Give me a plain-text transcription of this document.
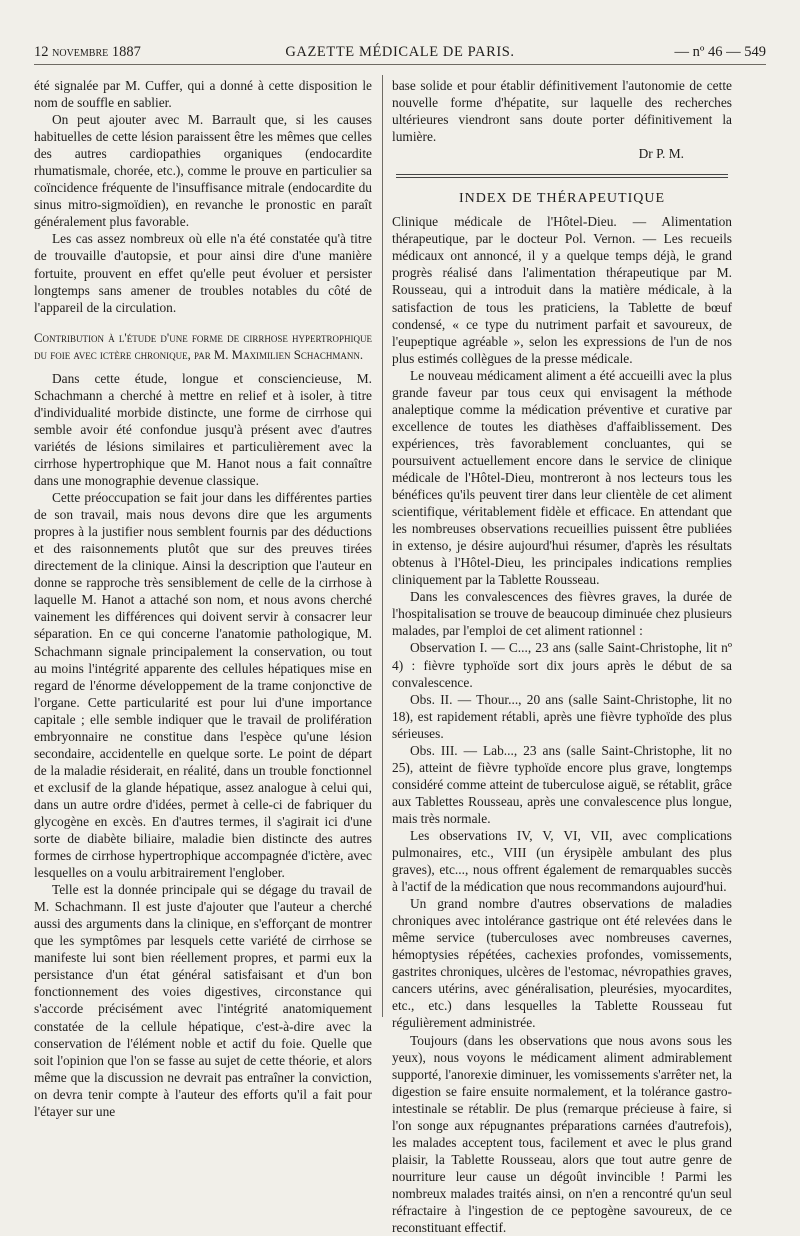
12 novembre 1887	GAZETTE MÉDICALE DE PARIS.	— nº 46 — 549

été signalée par M. Cuffer, qui a donné à cette disposition le nom de souffle en sablier.

On peut ajouter avec M. Barrault que, si les causes habituelles de cette lésion paraissent être les mêmes que celles des autres cardiopathies organiques (endocardite rhumatismale, chorée, etc.), comme le prouve en particulier sa coïncidence fréquente de l'insuffisance mitrale (endocardite du sinus mitro-sigmoïdien), en revanche le pronostic en paraît généralement plus favorable.

Les cas assez nombreux où elle n'a été constatée qu'à titre de trouvaille d'autopsie, et pour ainsi dire d'une manière fortuite, prouvent en effet qu'elle peut évoluer et persister longtemps sans amener de troubles notables du côté de l'appareil de la circulation.

Contribution à l'étude d'une forme de cirrhose hypertrophique du foie avec ictère chronique, par M. Maximilien Schachmann.

Dans cette étude, longue et consciencieuse, M. Schachmann a cherché à mettre en relief et à isoler, à titre d'individualité morbide distincte, une forme de cirrhose qui semble avoir été confondue jusqu'à présent avec d'autres variétés de lésions similaires et particulièrement avec la cirrhose hypertrophique que M. Hanot nous a fait connaître dans une monographie devenue classique.

Cette préoccupation se fait jour dans les différentes parties de son travail, mais nous devons dire que les arguments propres à la justifier nous semblent fournis par des déductions et des raisonnements plutôt que sur des preuves tirées directement de la clinique. Ainsi la description que l'auteur en donne se rapproche très sensiblement de celle de la cirrhose à laquelle M. Hanot a attaché son nom, et nous avons cherché vainement les différences qui doivent servir à consacrer leur séparation. En ce qui concerne l'anatomie pathologique, M. Schachmann signale principalement la conservation, ou tout au moins l'intégrité apparente des cellules hépatiques mise en regard de l'énorme développement de la trame conjonctive de l'organe. Cette particularité est pour lui d'une importance capitale ; elle semble indiquer que le travail de prolifération embryonnaire ne constitue dans l'espèce qu'une lésion secondaire, accidentelle en quelque sorte. Le point de départ de la maladie résiderait, en réalité, dans un trouble fonctionnel et exclusif de la glande hépatique, assez analogue à celui qui, dans un autre ordre d'idées, permet à celle-ci de fabriquer du glycogène en excès. En d'autres termes, il s'agirait ici d'une sorte de diabète biliaire, maladie bien distincte des autres formes de cirrhose hypertrophique accompagnée d'ictère, avec lesquelles on a voulu arbitrairement l'englober.

Telle est la donnée principale qui se dégage du travail de M. Schachmann. Il est juste d'ajouter que l'auteur a cherché aussi des arguments dans la clinique, en s'efforçant de montrer que les symptômes par lesquels cette variété de cirrhose se manifeste lui sont bien réellement propres, et parmi eux la persistance d'un état général satisfaisant et d'un bon fonctionnement des voies digestives, circonstance qui s'accorde précisément avec l'intégrité anatomiquement constatée de la cellule hépatique, c'est-à-dire avec la conservation de l'élément noble et actif du foie. Quelle que soit l'opinion que l'on se fasse au sujet de cette théorie, et alors même que la discussion ne devrait pas entraîner la conviction, on devra tenir compte à l'auteur des efforts qu'il a fait pour l'étayer sur une

base solide et pour établir définitivement l'autonomie de cette nouvelle forme d'hépatite, sur laquelle des recherches ultérieures viendront sans doute porter définitivement la lumière.

Dr P. M.

INDEX DE THÉRAPEUTIQUE

Clinique médicale de l'Hôtel-Dieu. — Alimentation thérapeutique, par le docteur Pol. Vernon. — Les recueils médicaux ont annoncé, il y a quelque temps déjà, le grand progrès réalisé dans l'alimentation thérapeutique par M. Rousseau, qui a introduit dans la matière médicale, à la satisfaction de tous les praticiens, la Tablette de bœuf condensé, « ce type du nutriment parfait et savoureux, de l'eupeptique agréable », selon les expressions de l'un de nos plus estimés collègues de la presse médicale.

Le nouveau médicament aliment a été accueilli avec la plus grande faveur par tous ceux qui envisagent la méthode analeptique comme la médication préventive et curative par excellence de toutes les diathèses d'affaiblissement. Des expériences, très favorablement concluantes, qui se poursuivent actuellement encore dans le service de clinique médicale de l'Hôtel-Dieu, montreront à nos lecteurs tous les bénéfices qu'ils peuvent tirer dans leur clientèle de cet aliment scientifique, véritablement fidèle et efficace. En attendant que les nombreuses observations recueillies puissent être publiées in extenso, je désire aujourd'hui résumer, d'après les résultats obtenus à l'Hôtel-Dieu, les principales indications remplies cliniquement par la Tablette Rousseau.

Dans les convalescences des fièvres graves, la durée de l'hospitalisation se trouve de beaucoup diminuée chez plusieurs malades, par l'emploi de cet aliment rationnel :

Observation I. — C..., 23 ans (salle Saint-Christophe, lit nº 4) : fièvre typhoïde sort dix jours après le début de sa convalescence.

Obs. II. — Thour..., 20 ans (salle Saint-Christophe, lit no 18), est rapidement rétabli, après une fièvre typhoïde des plus sérieuses.

Obs. III. — Lab..., 23 ans (salle Saint-Christophe, lit no 25), atteint de fièvre typhoïde encore plus grave, longtemps considéré comme atteint de tuberculose aiguë, se rétablit, grâce aux Tablettes Rousseau, après une convalescence plus longue, mais très normale.

Les observations IV, V, VI, VII, avec complications pulmonaires, etc., VIII (un érysipèle ambulant des plus graves), etc..., nous offrent également de remarquables succès à l'actif de la médication que nous recommandons aujourd'hui.

Un grand nombre d'autres observations de maladies chroniques avec intolérance gastrique ont été relevées dans le même service (tuberculoses avec nombreuses cavernes, hémoptysies répétées, cachexies profondes, vomissements, gastrites chroniques, ulcères de l'estomac, névropathies graves, cancers utérins, avec généralisation, pleurésies, myocardites, etc., etc.) dans lesquelles la Tablette Rousseau fut régulièrement administrée.

Toujours (dans les observations que nous avons sous les yeux), nous voyons le médicament aliment admirablement supporté, l'anorexie diminuer, les vomissements s'arrêter net, la digestion se faire ensuite normalement, et la tolérance gastro-intestinale se rétablir. De plus (remarque précieuse à faire, si l'on songe aux répugnantes préparations carnées d'autrefois), les malades acceptent tous, facilement et avec le plus grand plaisir, la Tablette Rousseau, alors que tout autre genre de nourriture leur cause un dégoût invincible ! Parmi les nombreux malades traités ainsi, on n'en a rencontré qu'un seul réfractaire à l'ingestion de ce peptogène savoureux, de ce reconstituant effectif.
